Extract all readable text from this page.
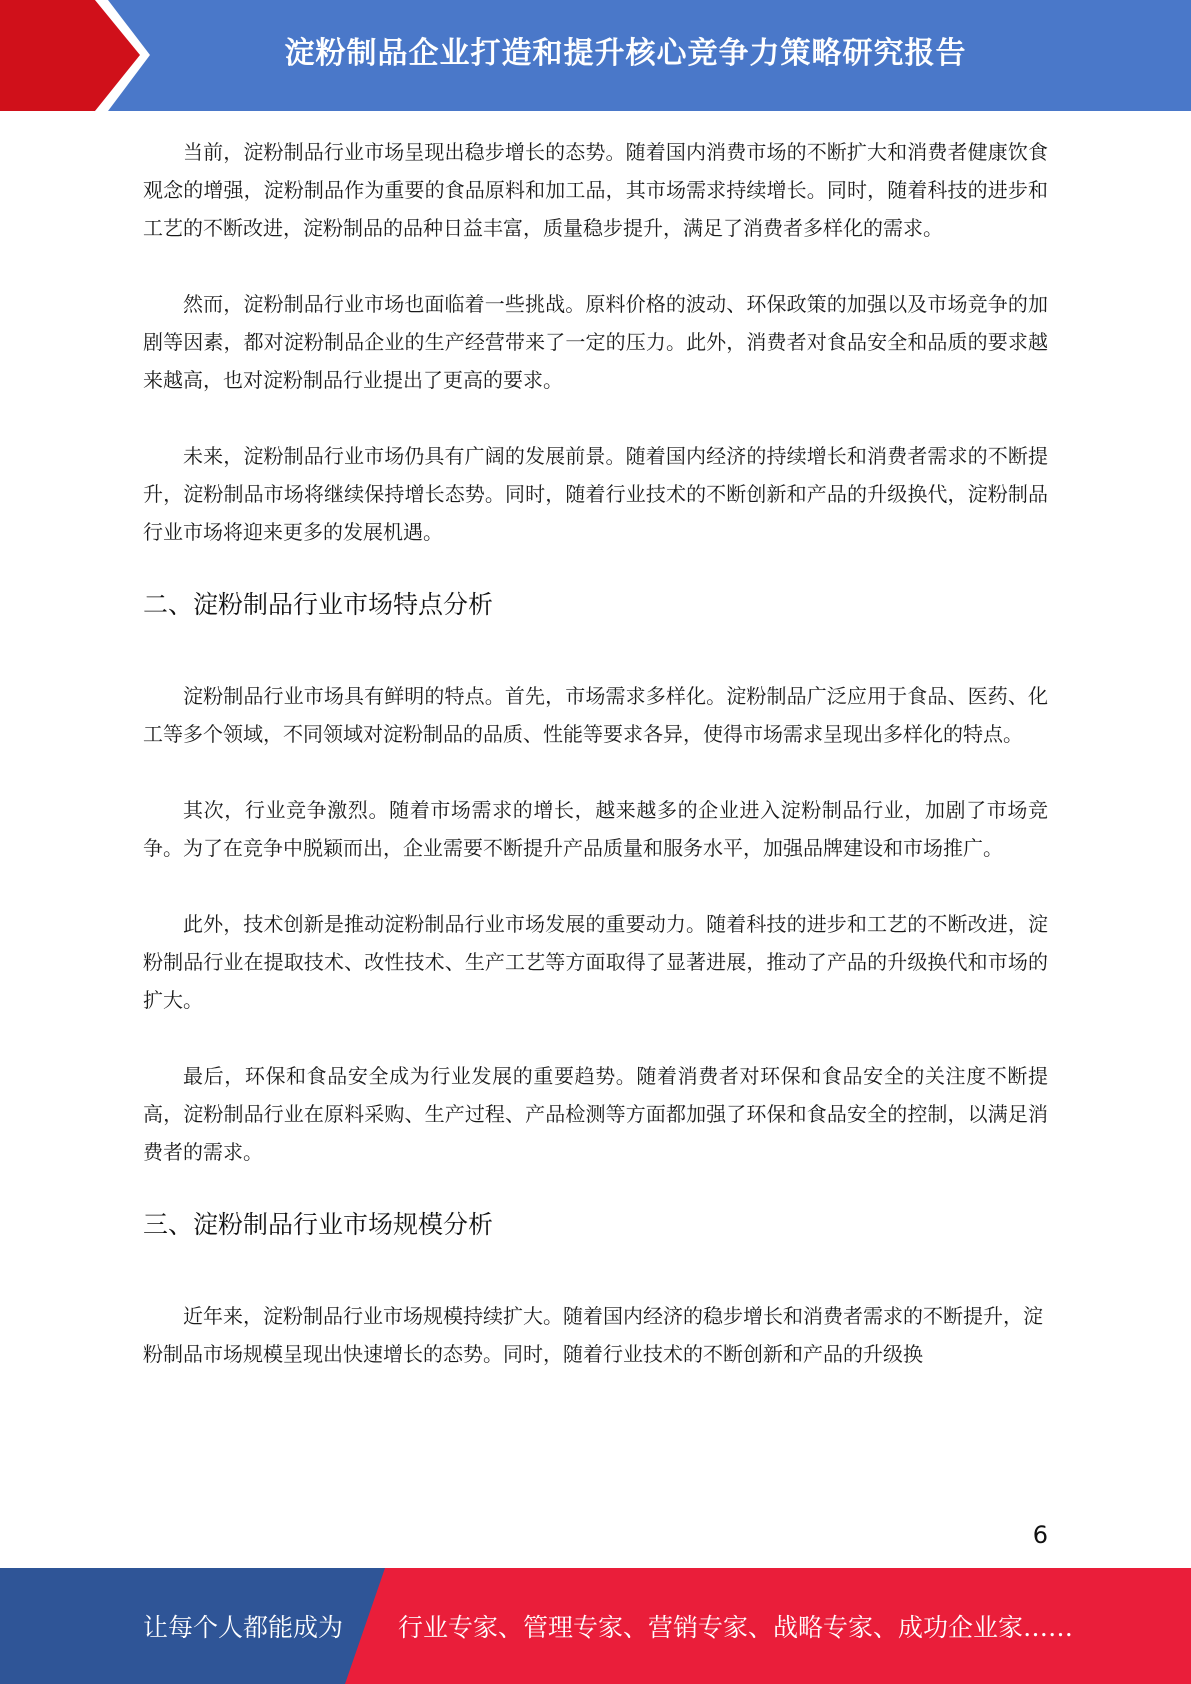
淀粉制品企业打造和提升核心竞争力策略研究报告

当前，淀粉制品行业市场呈现出稳步增长的态势。随着国内消费市场的不断扩大和消费者健康饮食观念的增强，淀粉制品作为重要的食品原料和加工品，其市场需求持续增长。同时，随着科技的进步和工艺的不断改进，淀粉制品的品种日益丰富，质量稳步提升，满足了消费者多样化的需求。

然而，淀粉制品行业市场也面临着一些挑战。原料价格的波动、环保政策的加强以及市场竞争的加剧等因素，都对淀粉制品企业的生产经营带来了一定的压力。此外，消费者对食品安全和品质的要求越来越高，也对淀粉制品行业提出了更高的要求。

未来，淀粉制品行业市场仍具有广阔的发展前景。随着国内经济的持续增长和消费者需求的不断提升，淀粉制品市场将继续保持增长态势。同时，随着行业技术的不断创新和产品的升级换代，淀粉制品行业市场将迎来更多的发展机遇。

二、淀粉制品行业市场特点分析

淀粉制品行业市场具有鲜明的特点。首先，市场需求多样化。淀粉制品广泛应用于食品、医药、化工等多个领域，不同领域对淀粉制品的品质、性能等要求各异，使得市场需求呈现出多样化的特点。

其次，行业竞争激烈。随着市场需求的增长，越来越多的企业进入淀粉制品行业，加剧了市场竞争。为了在竞争中脱颖而出，企业需要不断提升产品质量和服务水平，加强品牌建设和市场推广。

此外，技术创新是推动淀粉制品行业市场发展的重要动力。随着科技的进步和工艺的不断改进，淀粉制品行业在提取技术、改性技术、生产工艺等方面取得了显著进展，推动了产品的升级换代和市场的扩大。

最后，环保和食品安全成为行业发展的重要趋势。随着消费者对环保和食品安全的关注度不断提高，淀粉制品行业在原料采购、生产过程、产品检测等方面都加强了环保和食品安全的控制，以满足消费者的需求。

三、淀粉制品行业市场规模分析

近年来，淀粉制品行业市场规模持续扩大。随着国内经济的稳步增长和消费者需求的不断提升，淀粉制品市场规模呈现出快速增长的态势。同时，随着行业技术的不断创新和产品的升级换

6
让每个人都能成为 行业专家、管理专家、营销专家、战略专家、成功企业家……
